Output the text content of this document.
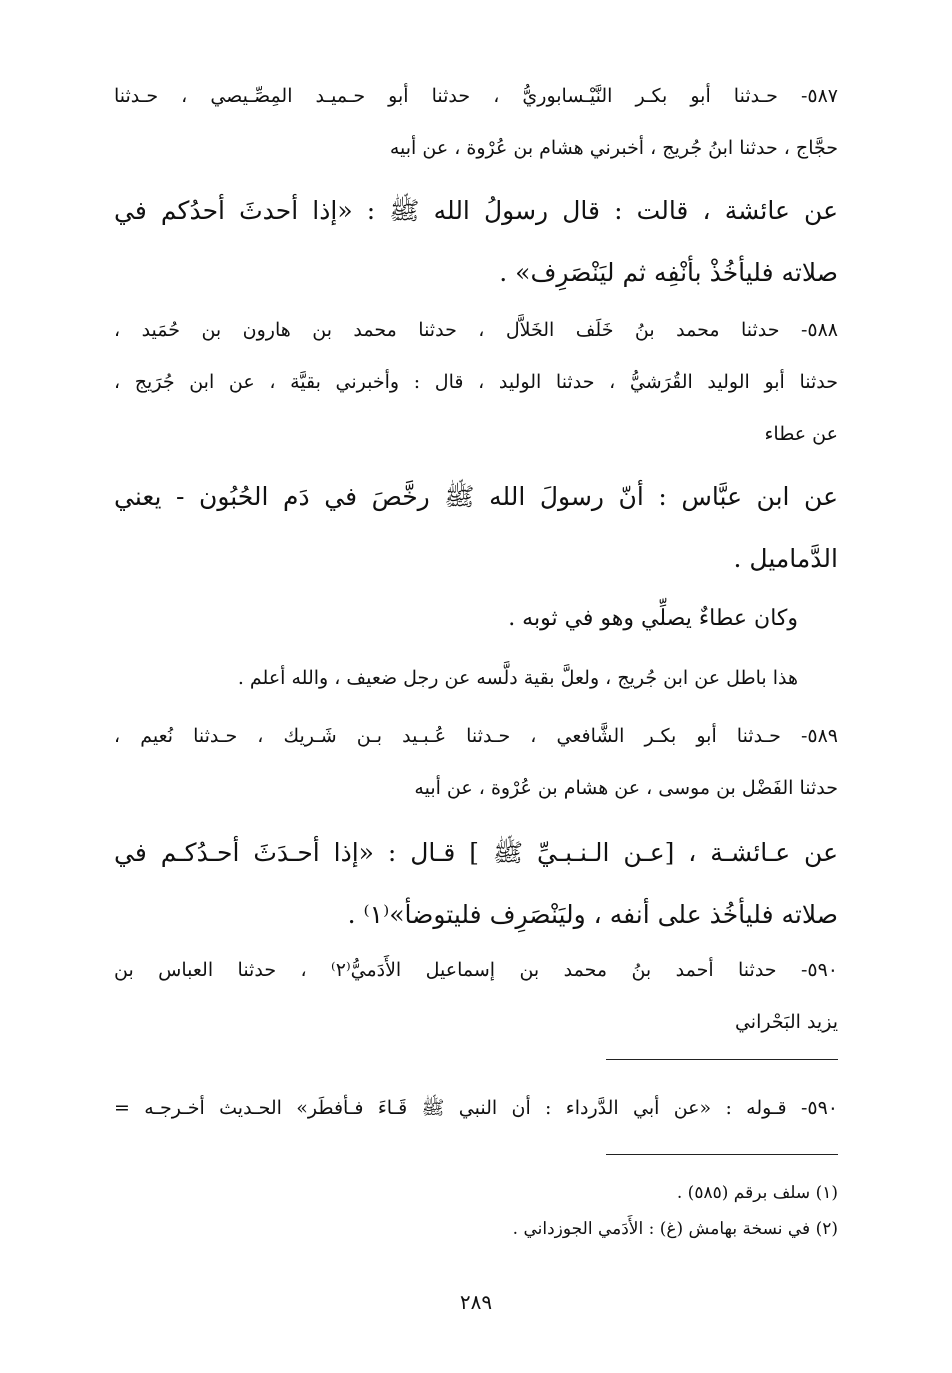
٥٨٧- حـدثنا أبو بكـر النَّيْـسابوريُّ ، حدثنا أبو حـميـد المِصِّـيصي ، حـدثنا
حجَّاج ، حدثنا ابنُ جُريج ، أخبرني هشام بن عُرْوة ، عن أبيه
عن عائشة ، قالت : قال رسولُ الله ﷺ : «إذا أحدثَ أحدُكم في
صلاته فليأخُذْ بأنْفِه ثم ليَنْصَرِف» .
٥٨٨- حدثنا محمد بنُ خَلَف الخَلاَّل ، حدثنا محمد بن هارون بن حُمَيد ،
حدثنا أبو الوليد القُرَشيُّ ، حدثنا الوليد ، قال : وأخبرني بقيَّة ، عن ابن جُرَيج ،
عن عطاء
عن ابن عبَّاس : أنّ رسولَ الله ﷺ رخَّصَ في دَم الحُبُون - يعني
الدَّماميل .
وكان عطاءٌ يصلِّي وهو في ثوبه .
هذا باطل عن ابن جُريج ، ولعلَّ بقية دلَّسه عن رجل ضعيف ، والله أعلم .
٥٨٩- حـدثنا أبو بكـر الشَّافعي ، حـدثنا عُـبـيد بـن شَـريك ، حـدثنا نُعيم ،
حدثنا الفَضْل بن موسى ، عن هشام بن عُرْوة ، عن أبيه
عن عـائشـة ، [عـن الـنـبـيِّ ﷺ ] قـال : «إذا أحـدَثَ أحـدُكـم في
صلاته فليأخُذ على أنفه ، وليَنْصَرِف فليتوضأ»⁽١⁾ .
٥٩٠- حدثنا أحمد بنُ محمد بن إسماعيل الأَدَميُّ⁽٢⁾ ، حدثنا العباس بن
يزيد البَحْراني
٥٩٠- قـوله : «عن أبي الدَّرداء : أن النبي ﷺ قَـاءَ فـأفطَر» الحـديث أخـرجـه =
(١) سلف برقم (٥٨٥) .
(٢) في نسخة بهامش (غ) : الأَدَمي الجوزداني .
٢٨٩
